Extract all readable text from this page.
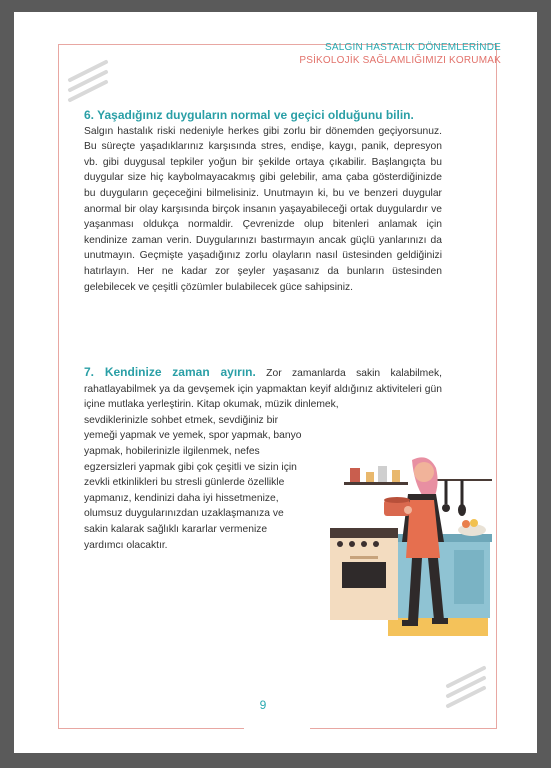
SALGIN HASTALIK DÖNEMLERİNDE
PSİKOLOJİK SAĞLAMLIĞIMIZI KORUMAK
6. Yaşadığınız duyguların normal ve geçici olduğunu bilin.
Salgın hastalık riski nedeniyle herkes gibi zorlu bir dönemden geçiyorsunuz. Bu süreçte yaşadıklarınız karşısında stres, endişe, kaygı, panik, depresyon vb. gibi duygusal tepkiler yoğun bir şekilde ortaya çıkabilir. Başlangıçta bu duygular size hiç kaybolmayacakmış gibi gelebilir, ama çaba gösterdiğinizde bu duyguların geçeceğini bilmelisiniz. Unutmayın ki, bu ve benzeri duygular anormal bir olay karşısında birçok insanın yaşayabileceği ortak duygulardır ve yaşanması oldukça normaldir. Çevrenizde olup bitenleri anlamak için kendinize zaman verin. Duygularınızı bastırmayın ancak güçlü yanlarınızı da unutmayın. Geçmişte yaşadığınız zorlu olayların nasıl üstesinden geldiğinizi hatırlayın. Her ne kadar zor şeyler yaşasanız da bunların üstesinden gelebilecek ve çeşitli çözümler bulabilecek güce sahipsiniz.
7. Kendinize zaman ayırın. Zor zamanlarda sakin kalabilmek, rahatlayabilmek ya da gevşemek için yapmaktan keyif aldığınız aktiviteleri gün içine mutlaka yerleştirin. Kitap okumak, müzik dinlemek,
sevdiklerinizle sohbet etmek, sevdiğiniz bir yemeği yapmak ve yemek, spor yapmak, banyo yapmak, hobilerinizle ilgilenmek, nefes egzersizleri yapmak gibi çok çeşitli ve sizin için zevkli etkinlikleri bu stresli günlerde özellikle yapmanız, kendinizi daha iyi hissetmenize, olumsuz duygularınızdan uzaklaşmanıza ve sakin kalarak sağlıklı kararlar vermenize yardımcı olacaktır.
9
